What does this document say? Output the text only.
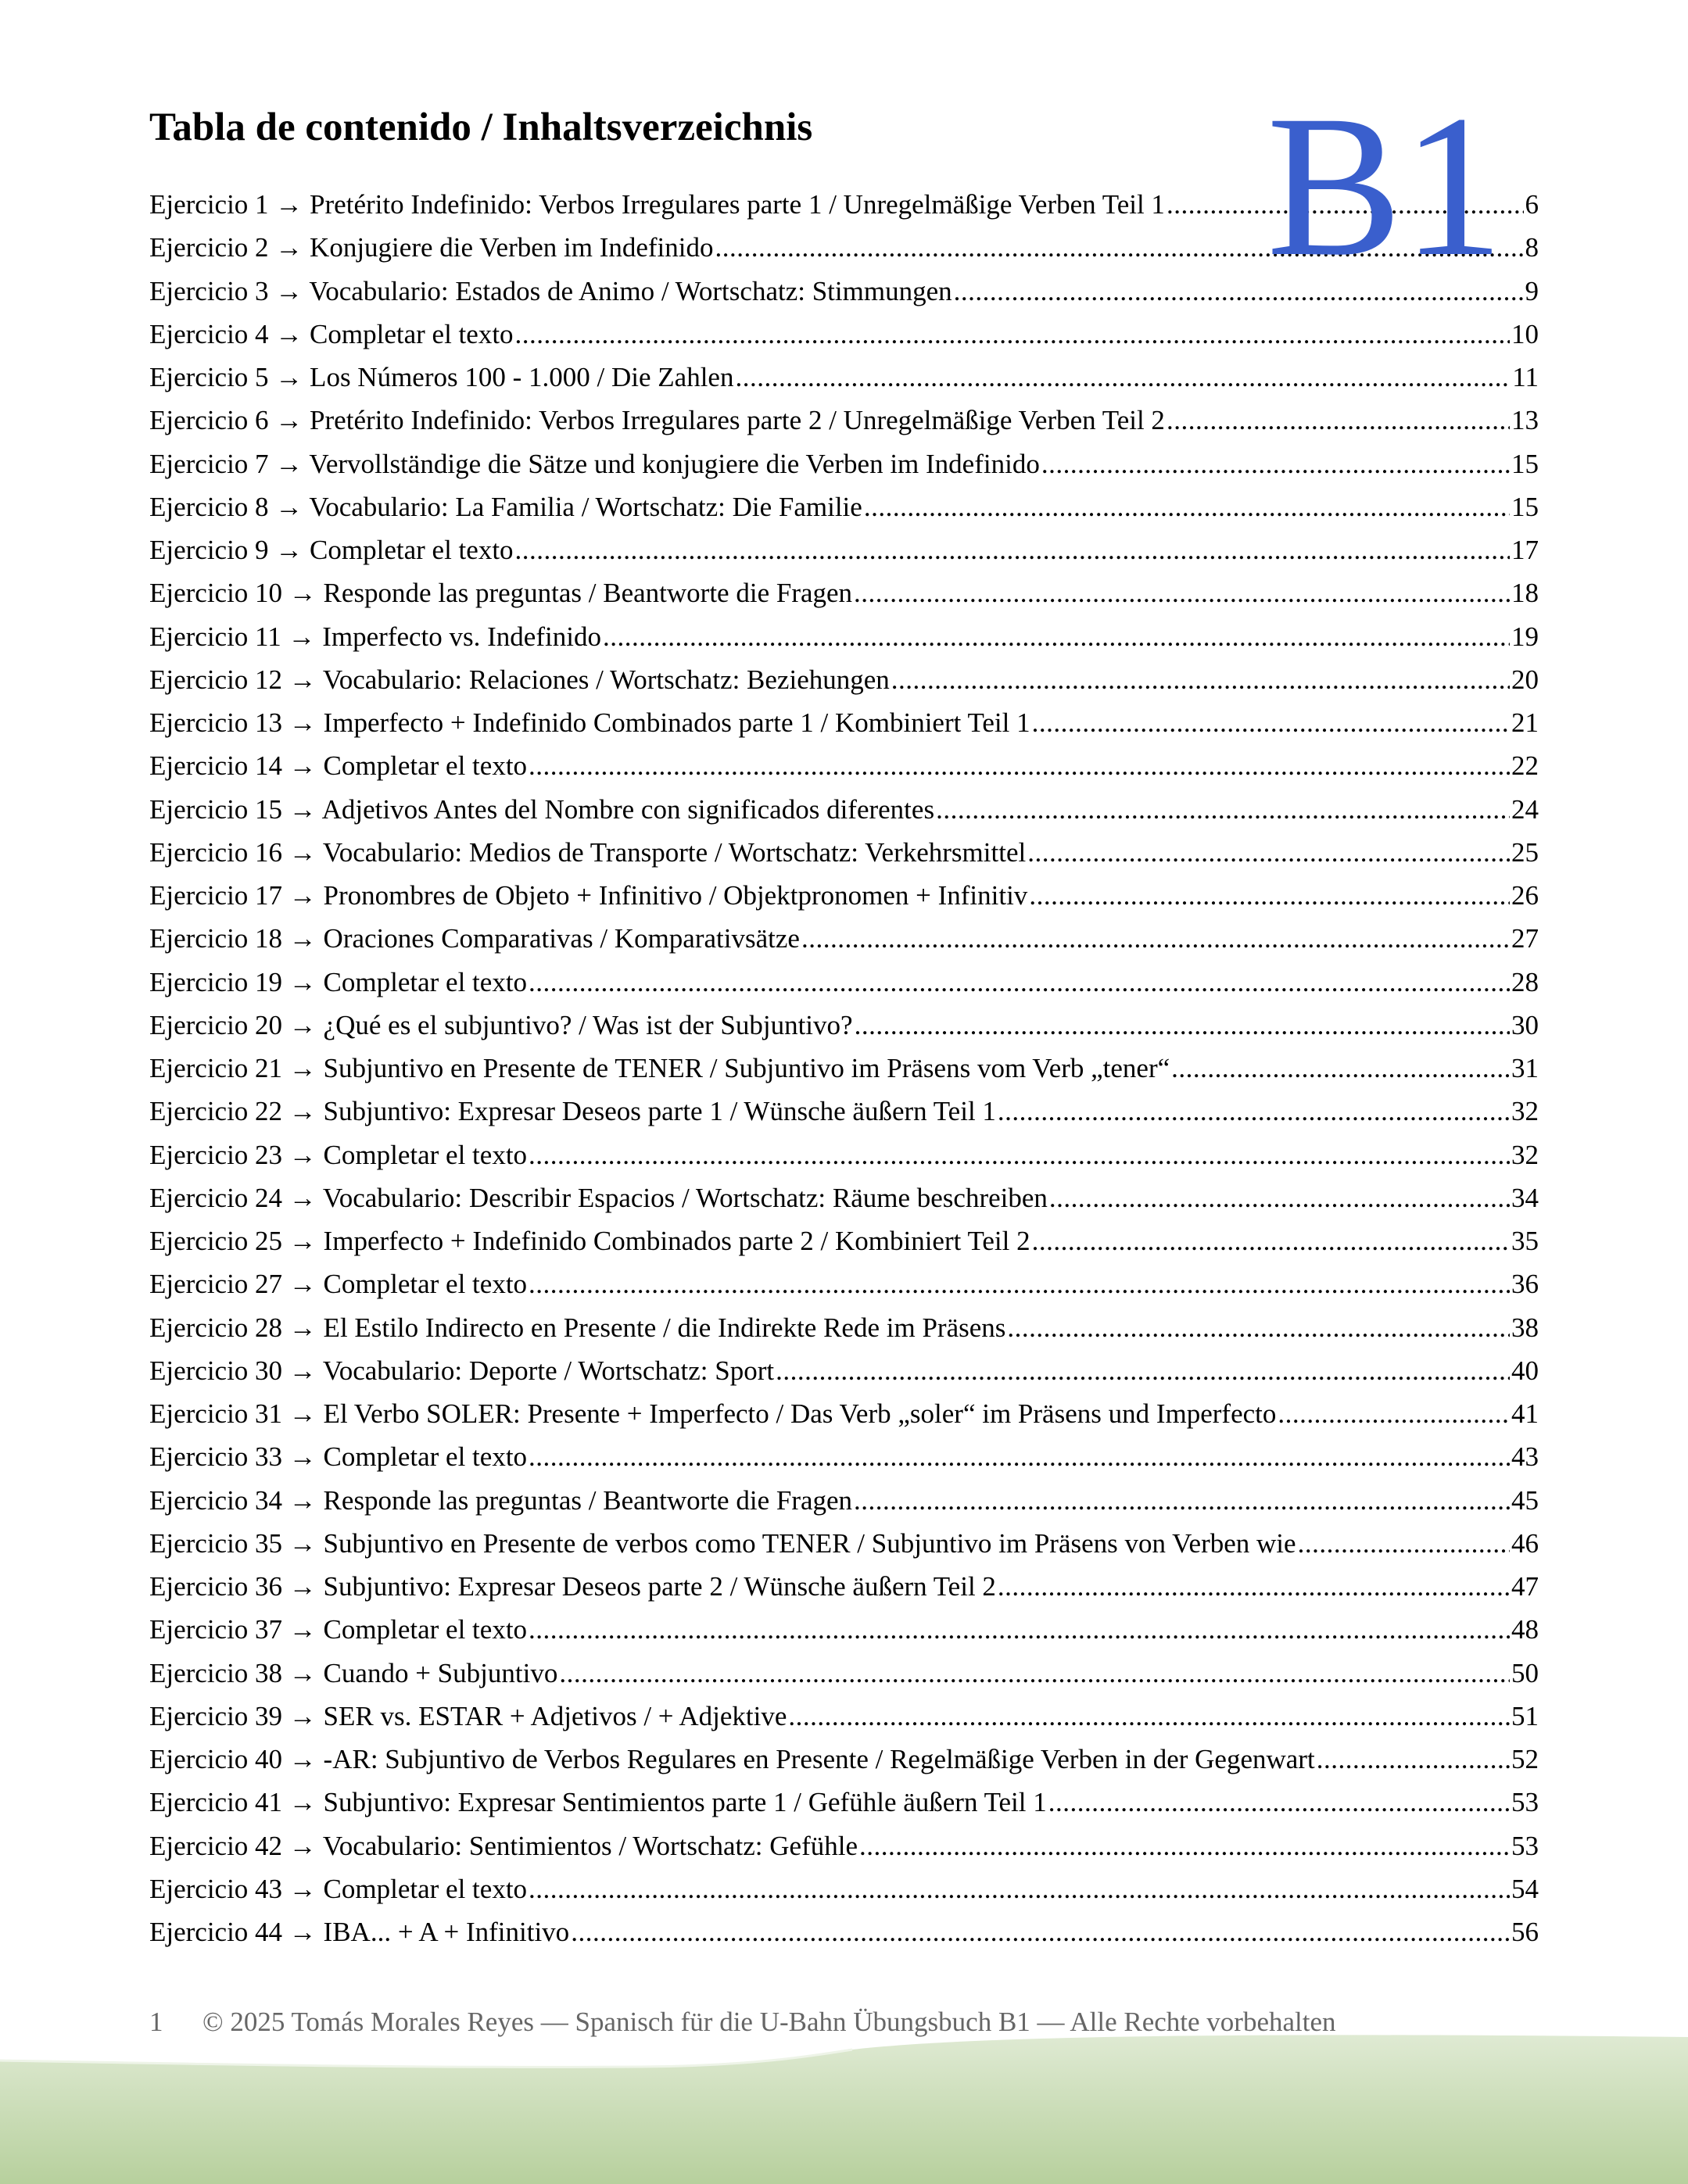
Tabla de contenido / Inhaltsverzeichnis B1
Ejercicio 1 → Pretérito Indefinido: Verbos Irregulares parte 1 / Unregelmäßige Verben Teil 1 .....	6
Ejercicio 2 → Konjugiere die Verben im Indefinido .....	8
Ejercicio 3 → Vocabulario: Estados de Animo / Wortschatz: Stimmungen .....	9
Ejercicio 4 → Completar el texto .....	10
Ejercicio 5 → Los Números 100 - 1.000 / Die Zahlen .....	11
Ejercicio 6 → Pretérito Indefinido: Verbos Irregulares parte 2 / Unregelmäßige Verben Teil 2 .....	13
Ejercicio 7 → Vervollständige die Sätze und konjugiere die Verben im Indefinido .....	15
Ejercicio 8 → Vocabulario: La Familia / Wortschatz: Die Familie .....	15
Ejercicio 9 → Completar el texto .....	17
Ejercicio 10 → Responde las preguntas / Beantworte die Fragen .....	18
Ejercicio 11 → Imperfecto vs. Indefinido .....	19
Ejercicio 12 → Vocabulario: Relaciones / Wortschatz: Beziehungen .....	20
Ejercicio 13 → Imperfecto + Indefinido Combinados parte 1 / Kombiniert Teil 1 .....	21
Ejercicio 14 → Completar el texto .....	22
Ejercicio 15 → Adjetivos Antes del Nombre con significados diferentes .....	24
Ejercicio 16 → Vocabulario: Medios de Transporte / Wortschatz: Verkehrsmittel .....	25
Ejercicio 17 → Pronombres de Objeto + Infinitivo / Objektpronomen + Infinitiv .....	26
Ejercicio 18 → Oraciones Comparativas / Komparativsätze .....	27
Ejercicio 19 → Completar el texto .....	28
Ejercicio 20 → ¿Qué es el subjuntivo? / Was ist der Subjuntivo? .....	30
Ejercicio 21 → Subjuntivo en Presente de TENER / Subjuntivo im Präsens vom Verb „tener“ .....	31
Ejercicio 22 → Subjuntivo: Expresar Deseos parte 1 / Wünsche äußern Teil 1 .....	32
Ejercicio 23 → Completar el texto .....	32
Ejercicio 24 → Vocabulario: Describir Espacios / Wortschatz: Räume beschreiben .....	34
Ejercicio 25 → Imperfecto + Indefinido Combinados parte 2 / Kombiniert Teil 2 .....	35
Ejercicio 27 → Completar el texto .....	36
Ejercicio 28 → El Estilo Indirecto en Presente / die Indirekte Rede im Präsens .....	38
Ejercicio 30 → Vocabulario: Deporte / Wortschatz: Sport .....	40
Ejercicio 31 → El Verbo SOLER: Presente + Imperfecto / Das Verb „soler“ im Präsens und Imperfecto .....	41
Ejercicio 33 → Completar el texto .....	43
Ejercicio 34 → Responde las preguntas / Beantworte die Fragen .....	45
Ejercicio 35 → Subjuntivo en Presente de verbos como TENER / Subjuntivo im Präsens von Verben wie .....	46
Ejercicio 36 → Subjuntivo: Expresar Deseos parte 2 / Wünsche äußern Teil 2 .....	47
Ejercicio 37 → Completar el texto .....	48
Ejercicio 38 → Cuando + Subjuntivo .....	50
Ejercicio 39 → SER vs. ESTAR + Adjetivos / + Adjektive .....	51
Ejercicio 40 → -AR: Subjuntivo de Verbos Regulares en Presente / Regelmäßige Verben in der Gegenwart .....	52
Ejercicio 41 → Subjuntivo: Expresar Sentimientos parte 1 / Gefühle äußern Teil 1 .....	53
Ejercicio 42 → Vocabulario: Sentimientos / Wortschatz: Gefühle .....	53
Ejercicio 43 → Completar el texto .....	54
Ejercicio 44 → IBA... + A + Infinitivo .....	56
1 © 2025 Tomás Morales Reyes — Spanisch für die U-Bahn Übungsbuch B1 — Alle Rechte vorbehalten
